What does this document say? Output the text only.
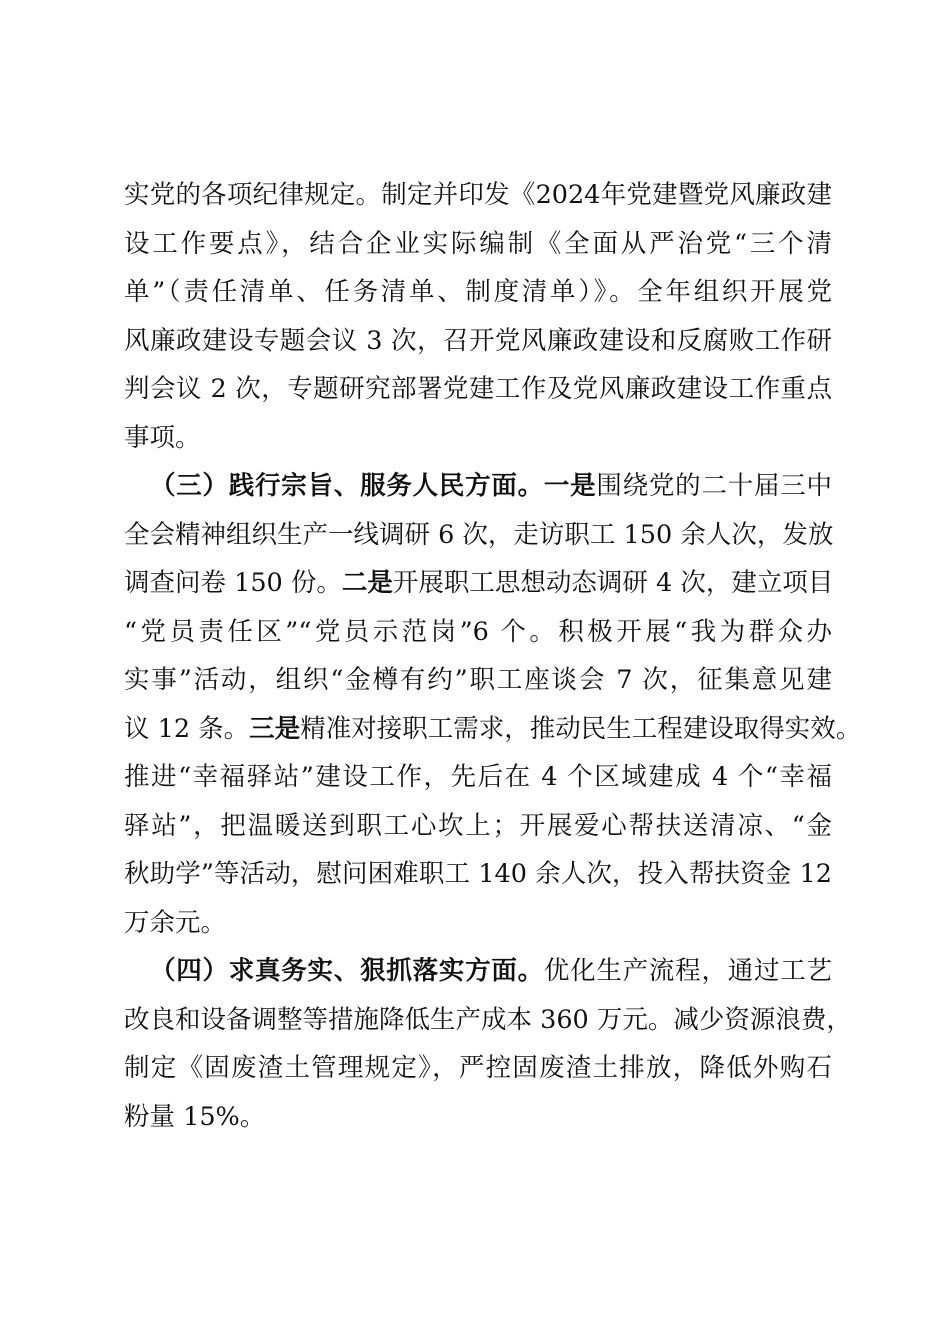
实党的各项纪律规定。制定并印发《2024年党建暨党风廉政建
设工作要点》，结合企业实际编制《全面从严治党“三个清
单”（责任清单、任务清单、制度清单）》。全年组织开展党
风廉政建设专题会议 3 次，召开党风廉政建设和反腐败工作研
判会议 2 次，专题研究部署党建工作及党风廉政建设工作重点
事项。
（三）践行宗旨、服务人民方面。一是围绕党的二十届三中
全会精神组织生产一线调研 6 次，走访职工 150 余人次，发放
调查问卷 150 份。二是开展职工思想动态调研 4 次，建立项目
“党员责任区”“党员示范岗”6 个。积极开展“我为群众办
实事”活动，组织“金樽有约”职工座谈会 7 次，征集意见建
议 12 条。三是精准对接职工需求，推动民生工程建设取得实效。
推进“幸福驿站”建设工作，先后在 4 个区域建成 4 个“幸福
驿站”，把温暖送到职工心坎上；开展爱心帮扶送清凉、“金
秋助学”等活动，慰问困难职工 140 余人次，投入帮扶资金 12
万余元。
（四）求真务实、狠抓落实方面。优化生产流程，通过工艺
改良和设备调整等措施降低生产成本 360 万元。减少资源浪费，
制定《固废渣土管理规定》，严控固废渣土排放，降低外购石
粉量 15%。
